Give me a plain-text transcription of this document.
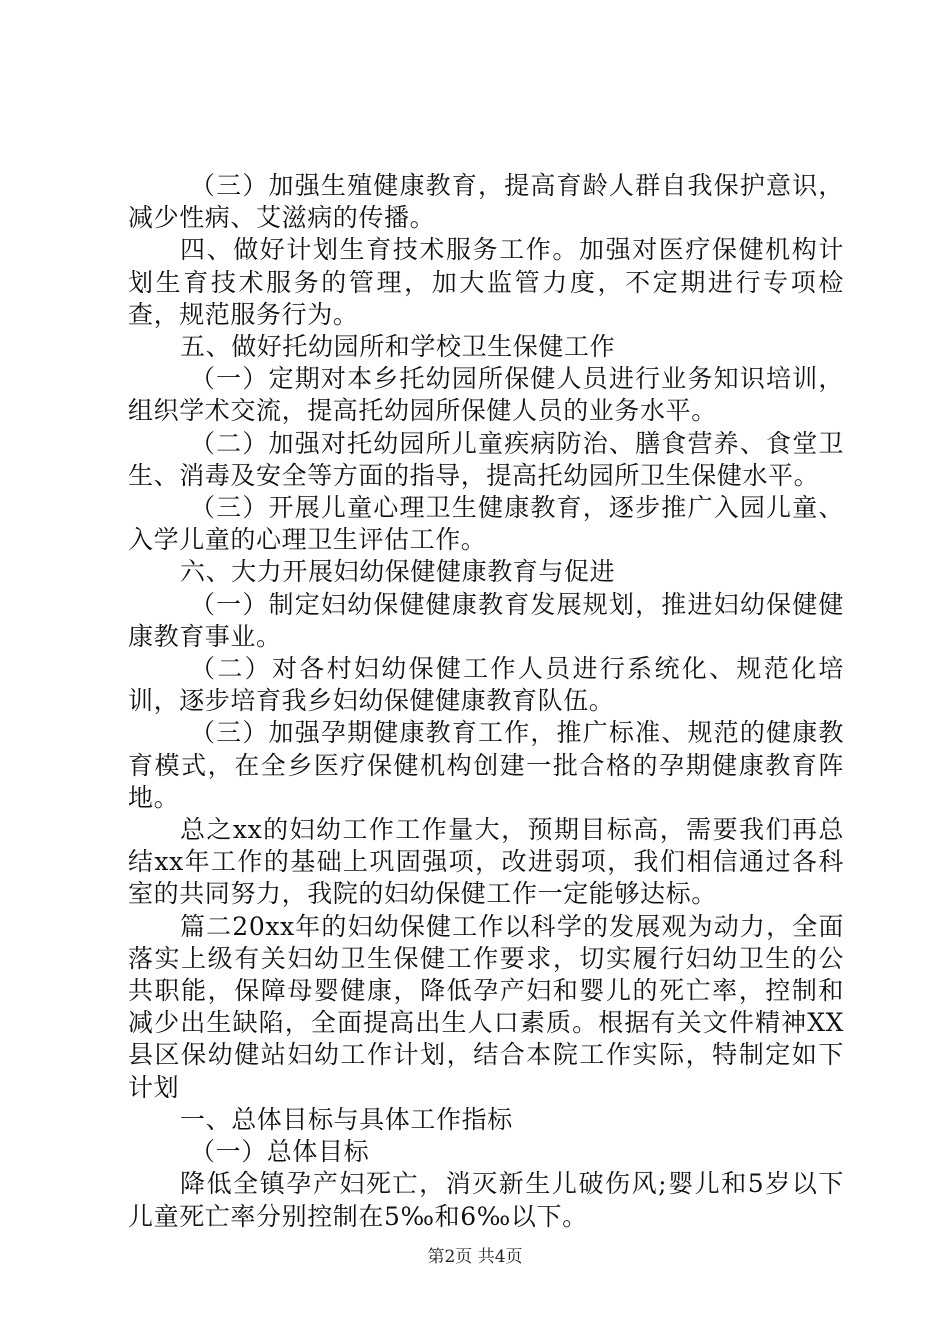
（三）加强生殖健康教育，提高育龄人群自我保护意识，减少性病、艾滋病的传播。

四、做好计划生育技术服务工作。加强对医疗保健机构计划生育技术服务的管理，加大监管力度，不定期进行专项检查，规范服务行为。

五、做好托幼园所和学校卫生保健工作

（一）定期对本乡托幼园所保健人员进行业务知识培训，组织学术交流，提高托幼园所保健人员的业务水平。

（二）加强对托幼园所儿童疾病防治、膳食营养、食堂卫生、消毒及安全等方面的指导，提高托幼园所卫生保健水平。

（三）开展儿童心理卫生健康教育，逐步推广入园儿童、入学儿童的心理卫生评估工作。

六、大力开展妇幼保健健康教育与促进

（一）制定妇幼保健健康教育发展规划，推进妇幼保健健康教育事业。

（二）对各村妇幼保健工作人员进行系统化、规范化培训，逐步培育我乡妇幼保健健康教育队伍。

（三）加强孕期健康教育工作，推广标准、规范的健康教育模式，在全乡医疗保健机构创建一批合格的孕期健康教育阵地。

总之xx的妇幼工作工作量大，预期目标高，需要我们再总结xx年工作的基础上巩固强项，改进弱项，我们相信通过各科室的共同努力，我院的妇幼保健工作一定能够达标。

篇二20xx年的妇幼保健工作以科学的发展观为动力，全面落实上级有关妇幼卫生保健工作要求，切实履行妇幼卫生的公共职能，保障母婴健康，降低孕产妇和婴儿的死亡率，控制和减少出生缺陷，全面提高出生人口素质。根据有关文件精神XX县区保幼健站妇幼工作计划，结合本院工作实际，特制定如下计划

一、总体目标与具体工作指标

（一）总体目标

降低全镇孕产妇死亡，消灭新生儿破伤风;婴儿和5岁以下儿童死亡率分别控制在5‰和6‰以下。

第2页 共4页
